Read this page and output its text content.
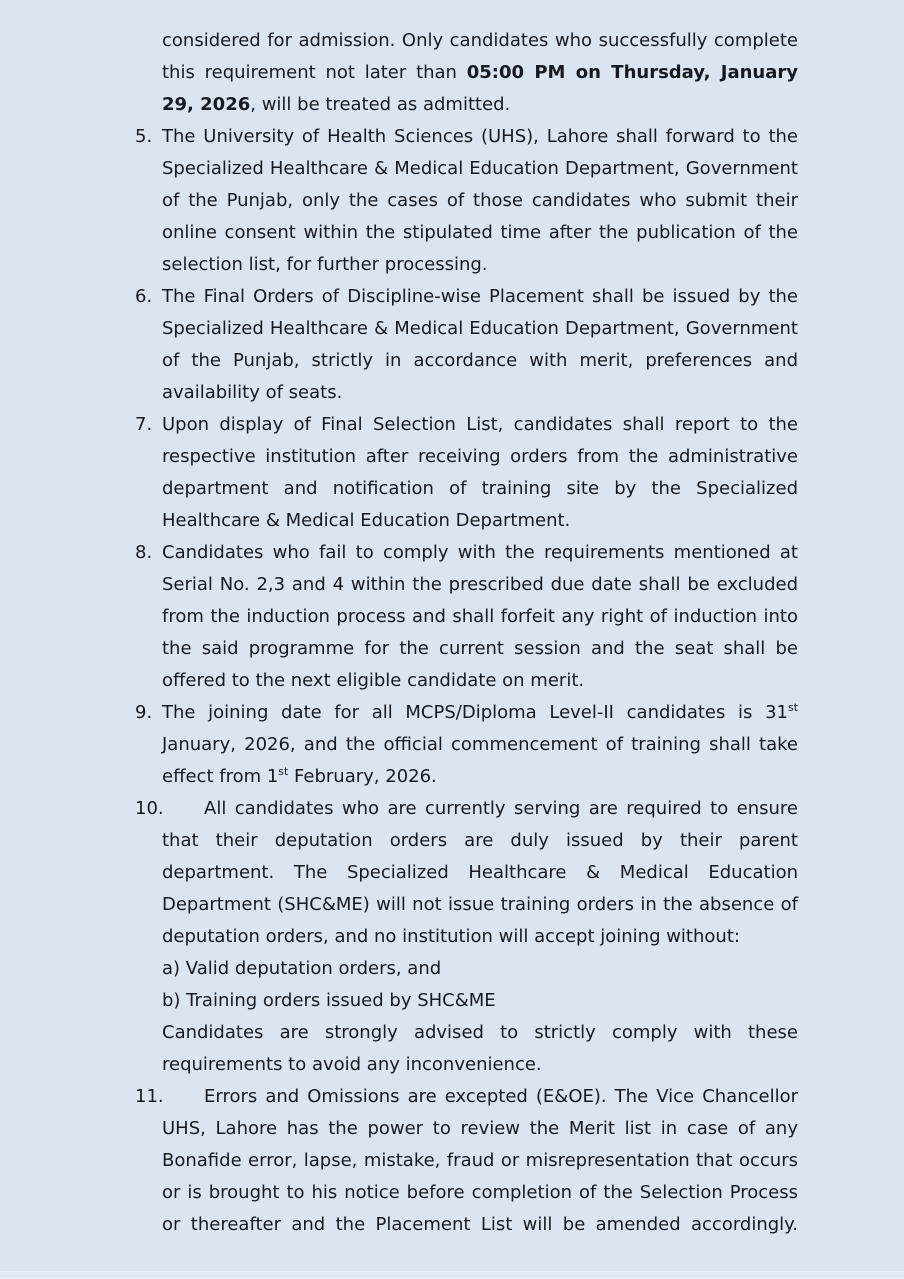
considered for admission. Only candidates who successfully complete this requirement not later than 05:00 PM on Thursday, January 29, 2026, will be treated as admitted.

5. The University of Health Sciences (UHS), Lahore shall forward to the Specialized Healthcare & Medical Education Department, Government of the Punjab, only the cases of those candidates who submit their online consent within the stipulated time after the publication of the selection list, for further processing.

6. The Final Orders of Discipline-wise Placement shall be issued by the Specialized Healthcare & Medical Education Department, Government of the Punjab, strictly in accordance with merit, preferences and availability of seats.

7. Upon display of Final Selection List, candidates shall report to the respective institution after receiving orders from the administrative department and notification of training site by the Specialized Healthcare & Medical Education Department.

8. Candidates who fail to comply with the requirements mentioned at Serial No. 2,3 and 4 within the prescribed due date shall be excluded from the induction process and shall forfeit any right of induction into the said programme for the current session and the seat shall be offered to the next eligible candidate on merit.

9. The joining date for all MCPS/Diploma Level-II candidates is 31st January, 2026, and the official commencement of training shall take effect from 1st February, 2026.

10.	All candidates who are currently serving are required to ensure that their deputation orders are duly issued by their parent department. The Specialized Healthcare & Medical Education Department (SHC&ME) will not issue training orders in the absence of deputation orders, and no institution will accept joining without:

a) Valid deputation orders, and
b) Training orders issued by SHC&ME

Candidates are strongly advised to strictly comply with these requirements to avoid any inconvenience.

11.	Errors and Omissions are excepted (E&OE). The Vice Chancellor UHS, Lahore has the power to review the Merit list in case of any Bonafide error, lapse, mistake, fraud or misrepresentation that occurs or is brought to his notice before completion of the Selection Process or thereafter and the Placement List will be amended accordingly.
